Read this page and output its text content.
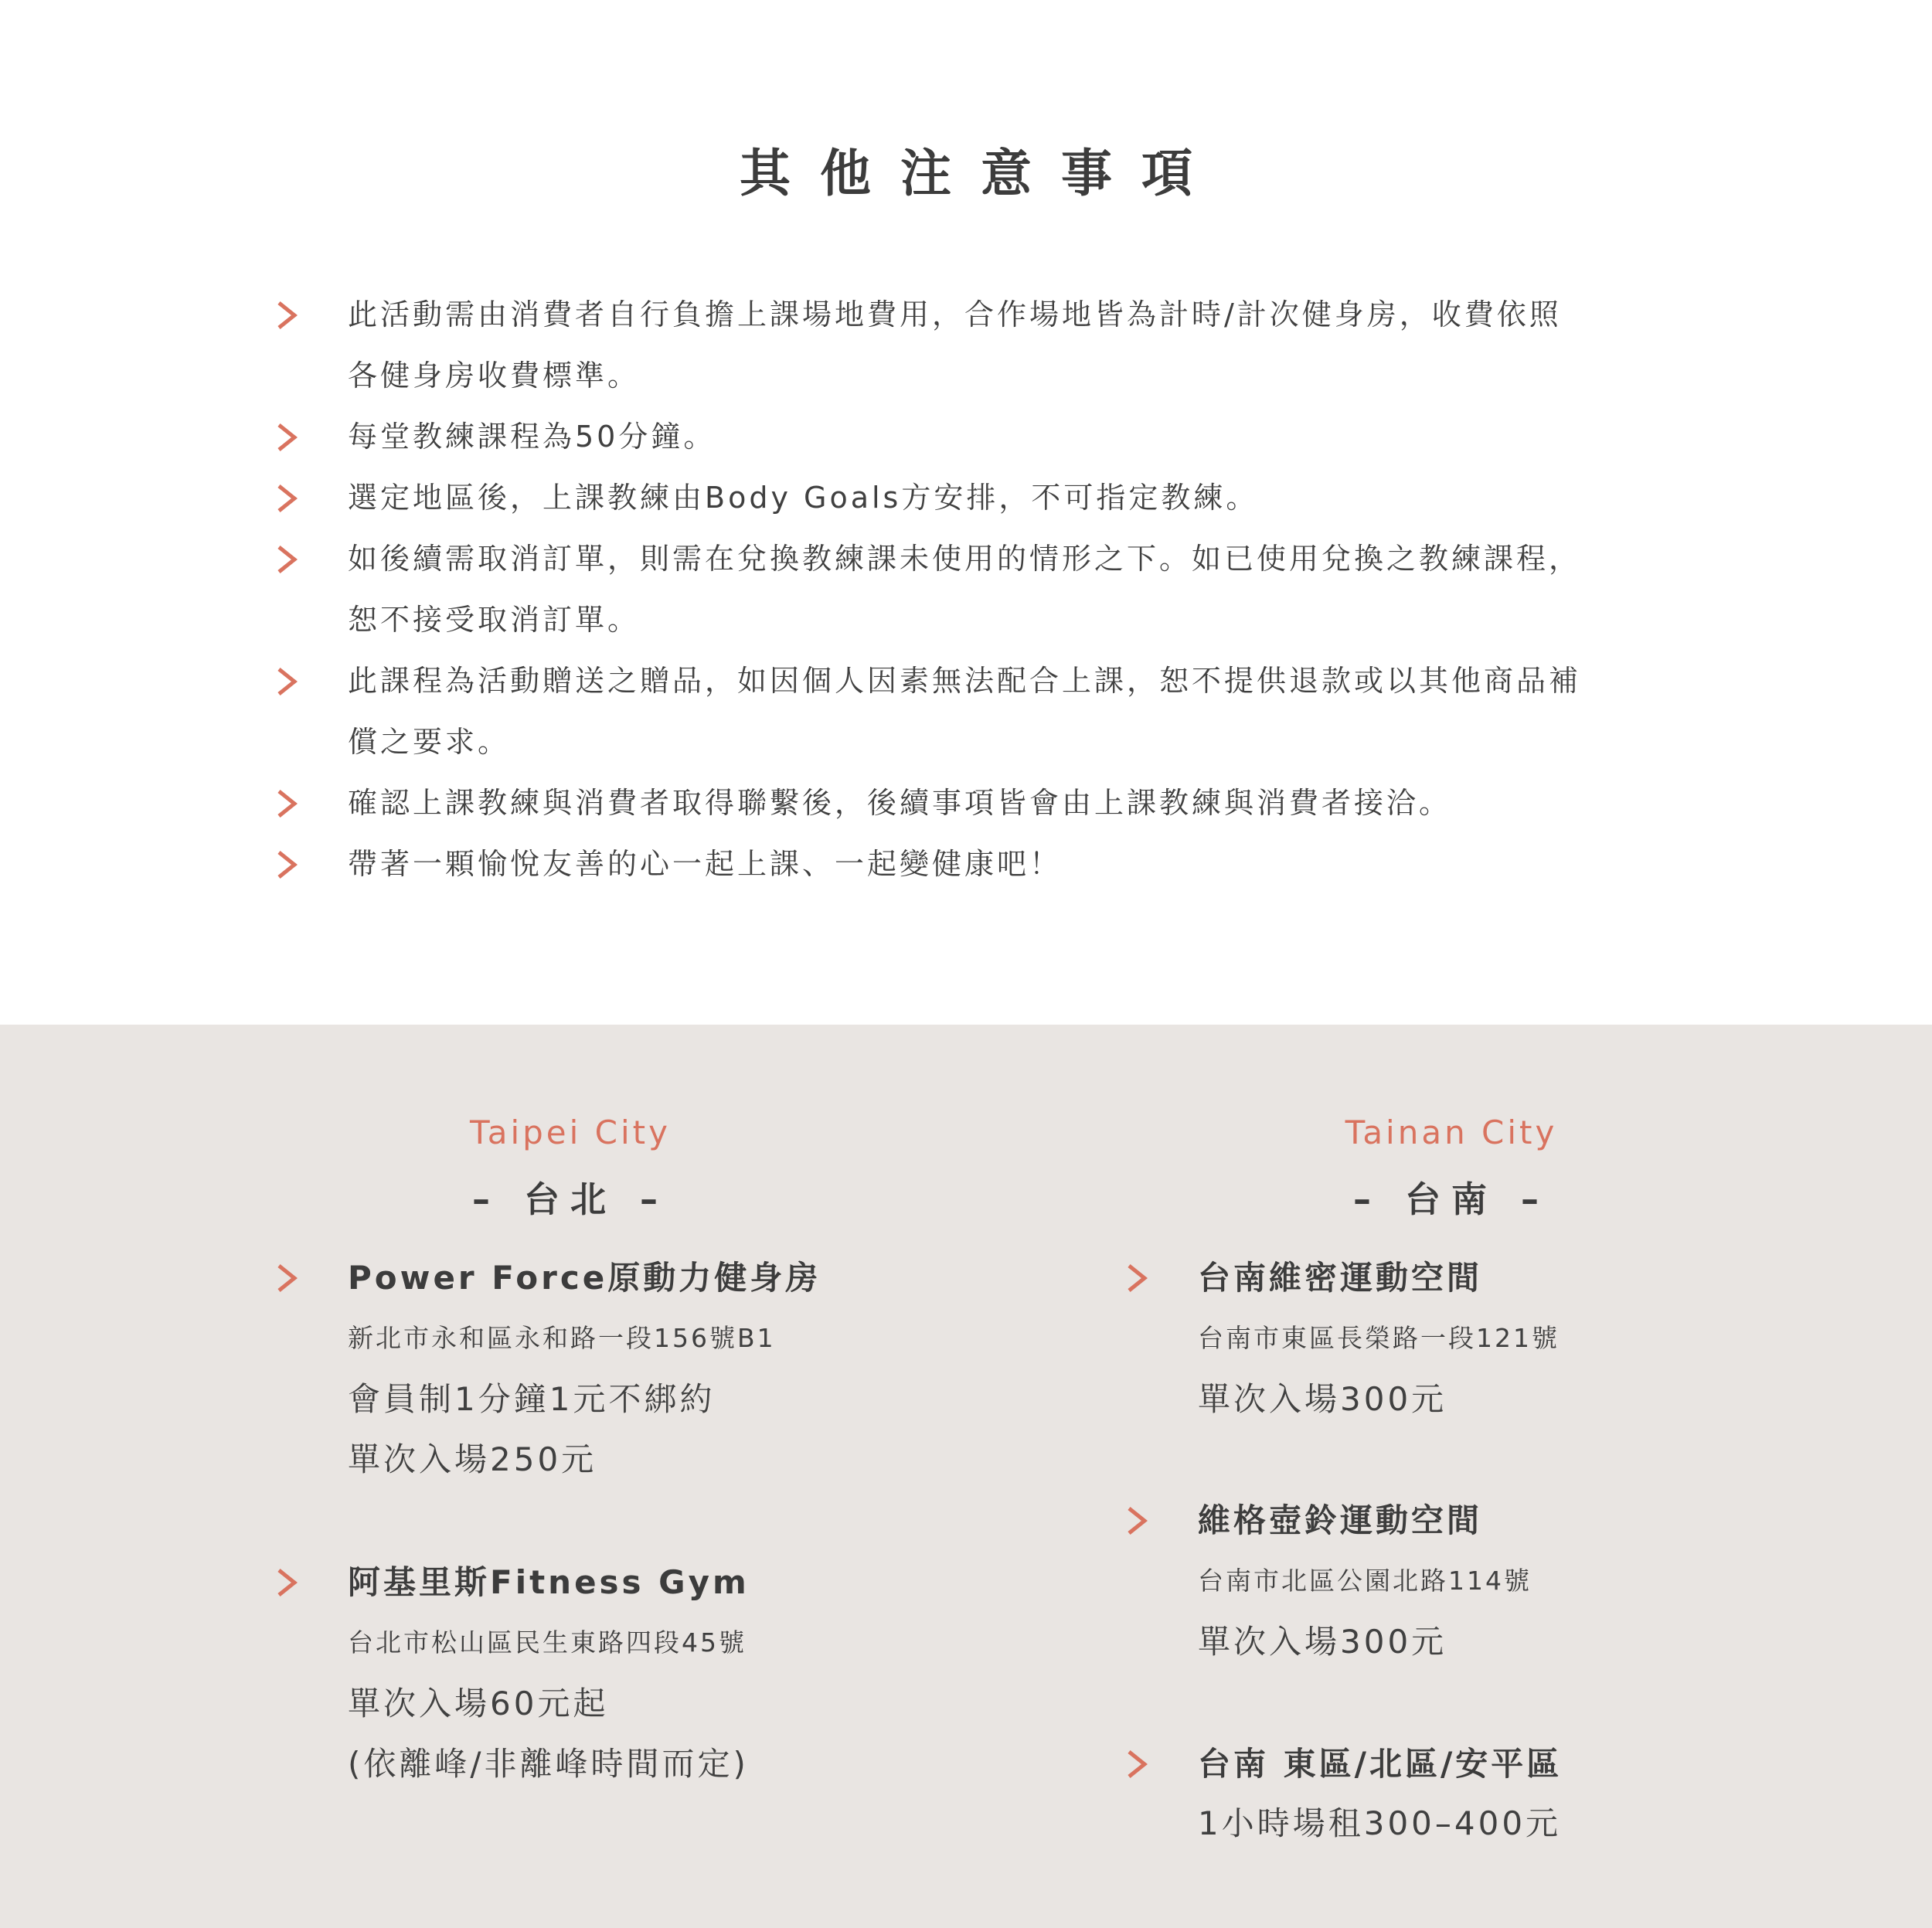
其他注意事項

此活動需由消費者自行負擔上課場地費用，合作場地皆為計時/計次健身房，收費依照

各健身房收費標準。

每堂教練課程為50分鐘。

選定地區後，上課教練由Body Goals方安排，不可指定教練。

如後續需取消訂單，則需在兌換教練課未使用的情形之下。如已使用兌換之教練課程，

恕不接受取消訂單。

此課程為活動贈送之贈品，如因個人因素無法配合上課，恕不提供退款或以其他商品補

償之要求。

確認上課教練與消費者取得聯繫後，後續事項皆會由上課教練與消費者接洽。

帶著一顆愉悅友善的心一起上課、一起變健康吧！

Taipei City
– 台北 –
Power Force原動力健身房
新北市永和區永和路一段156號B1
會員制1分鐘1元不綁約
單次入場250元
阿基里斯Fitness Gym
台北市松山區民生東路四段45號
單次入場60元起
(依離峰/非離峰時間而定)
Tainan City
– 台南 –
台南維密運動空間
台南市東區長榮路一段121號
單次入場300元
維格壺鈴運動空間
台南市北區公園北路114號
單次入場300元
台南 東區/北區/安平區
1小時場租300–400元
